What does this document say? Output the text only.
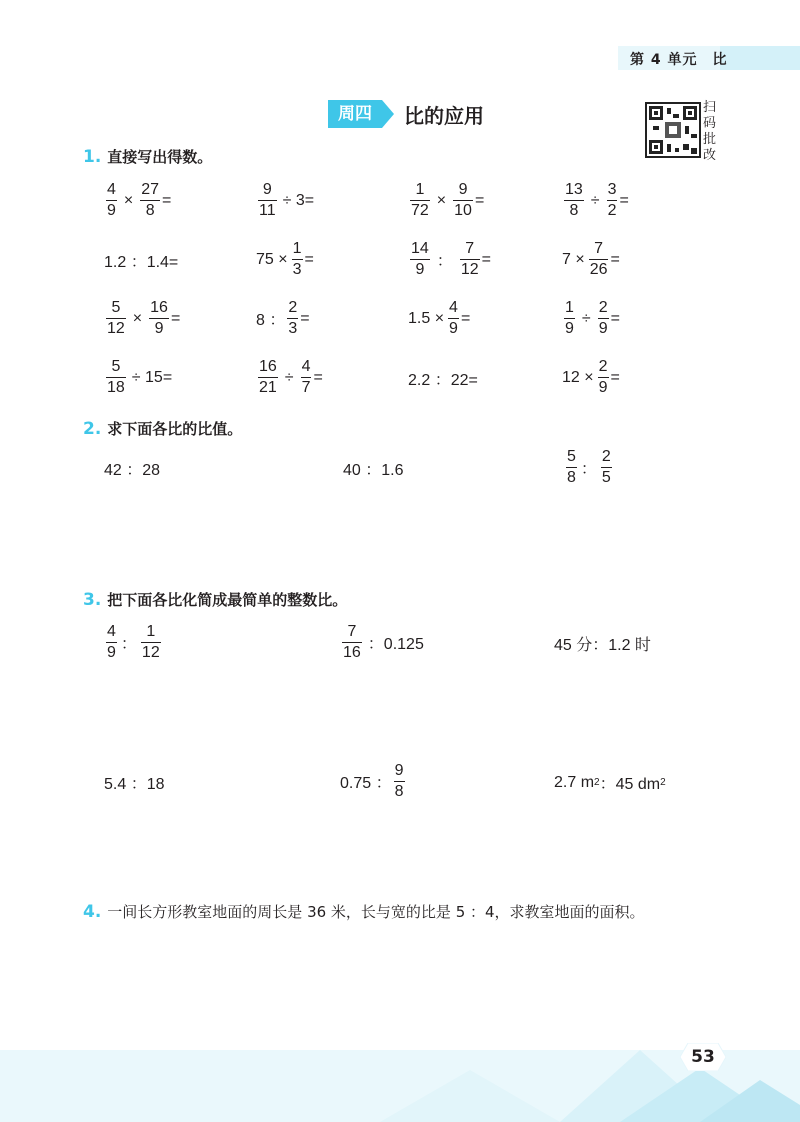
第 4 单元　比
周四	比的应用	扫码批改
1. 直接写出得数。
$\frac{4}{9} \times \frac{27}{8}$ =	$\frac{9}{11} \div 3=$	$\frac{1}{72} \times \frac{9}{10}$ =	$\frac{13}{8} \div \frac{3}{2}$ =
1.2 ：1.4=	$75 \times \frac{1}{3}$ =	$\frac{14}{9}$ ： $\frac{7}{12}$ =	$7 \times \frac{7}{26}$ =
$\frac{5}{12} \times \frac{16}{9}$ =	8 ： $\frac{2}{3}$ =	$1.5 \times \frac{4}{9}$ =	$\frac{1}{9} \div \frac{2}{9}$ =
$\frac{5}{18} \div 15=$	$\frac{16}{21} \div \frac{4}{7}$ =	2.2 ：22=	$12 \times \frac{2}{9}$ =
2. 求下面各比的比值。
42 ：28	40 ：1.6	$\frac{5}{8}$ ： $\frac{2}{5}$
3. 把下面各比化简成最简单的整数比。
$\frac{4}{9}$ ： $\frac{1}{12}$	$\frac{7}{16}$ ：0.125	45 分：1.2 时
5.4 ：18	0.75 ： $\frac{9}{8}$	2.7 m 2 ：45 dm 2
4. 一间长方形教室地面的周长是 36 米，长与宽的比是 5 ：4，求教室地面的面积。
53
